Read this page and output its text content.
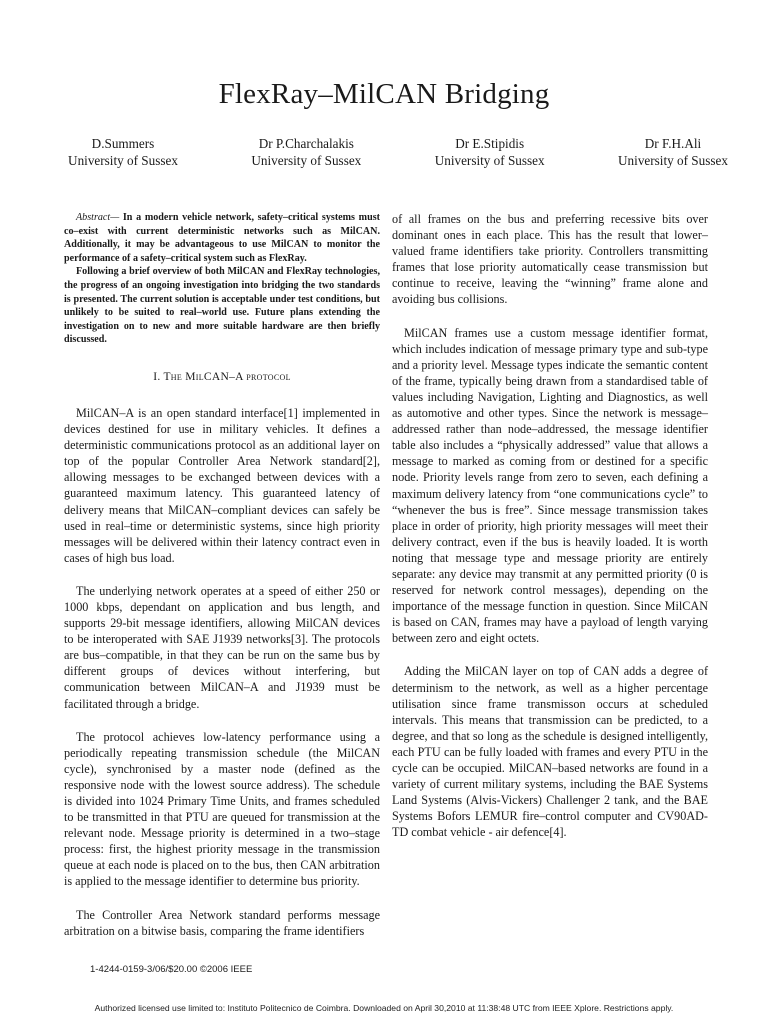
FlexRay–MilCAN Bridging
D.Summers
University of Sussex
Dr P.Charchalakis
University of Sussex
Dr E.Stipidis
University of Sussex
Dr F.H.Ali
University of Sussex

Abstract— In a modern vehicle network, safety–critical systems must co–exist with current deterministic networks such as MilCAN. Additionally, it may be advantageous to use MilCAN to monitor the performance of a safety–critical system such as FlexRay.

Following a brief overview of both MilCAN and FlexRay technologies, the progress of an ongoing investigation into bridging the two standards is presented. The current solution is acceptable under test conditions, but unlikely to be suited to real–world use. Future plans extending the investigation on to new and more suitable hardware are then briefly discussed.

I. The MilCAN–A protocol

MilCAN–A is an open standard interface[1] implemented in devices destined for use in military vehicles. It defines a deterministic communications protocol as an additional layer on top of the popular Controller Area Network standard[2], allowing messages to be exchanged between devices with a guaranteed maximum latency. This guaranteed latency of delivery means that MilCAN–compliant devices can safely be used in real–time or deterministic systems, since high priority messages will be delivered within their latency contract even in cases of high bus load.

The underlying network operates at a speed of either 250 or 1000 kbps, dependant on application and bus length, and supports 29-bit message identifiers, allowing MilCAN devices to be interoperated with SAE J1939 networks[3]. The protocols are bus–compatible, in that they can be run on the same bus by different groups of devices without interfering, but communication between MilCAN–A and J1939 must be facilitated through a bridge.

The protocol achieves low-latency performance using a periodically repeating transmission schedule (the MilCAN cycle), synchronised by a master node (defined as the responsive node with the lowest source address). The schedule is divided into 1024 Primary Time Units, and frames scheduled to be transmitted in that PTU are queued for transmission at the relevant node. Message priority is determined in a two–stage process: first, the highest priority message in the transmission queue at each node is placed on to the bus, then CAN arbitration is applied to the message identifier to determine bus priority.

The Controller Area Network standard performs message arbitration on a bitwise basis, comparing the frame identifiers

of all frames on the bus and preferring recessive bits over dominant ones in each place. This has the result that lower–valued frame identifiers take priority. Controllers transmitting frames that lose priority automatically cease transmission but continue to receive, leaving the “winning” frame alone and avoiding bus collisions.

MilCAN frames use a custom message identifier format, which includes indication of message primary type and sub-type and a priority level. Message types indicate the semantic content of the frame, typically being drawn from a standardised table of values including Navigation, Lighting and Diagnostics, as well as automotive and other types. Since the network is message–addressed rather than node–addressed, the message identifier table also includes a “physically addressed” value that allows a message to marked as coming from or destined for a specific node. Priority levels range from zero to seven, each defining a maximum delivery latency from “one communications cycle” to “whenever the bus is free”. Since message transmission takes place in order of priority, high priority messages will meet their delivery contract, even if the bus is heavily loaded. It is worth noting that message type and message priority are entirely separate: any device may transmit at any permitted priority (0 is reserved for network control messages), depending on the importance of the message function in question. Since MilCAN is based on CAN, frames may have a payload of length varying between zero and eight octets.

Adding the MilCAN layer on top of CAN adds a degree of determinism to the network, as well as a higher percentage utilisation since frame transmisson occurs at scheduled intervals. This means that transmission can be predicted, to a degree, and that so long as the schedule is designed intelligently, each PTU can be fully loaded with frames and every PTU in the cycle can be occupied. MilCAN–based networks are found in a variety of current military systems, including the BAE Systems Land Systems (Alvis-Vickers) Challenger 2 tank, and the BAE Systems Bofors LEMUR fire–control computer and CV90AD-TD combat vehicle - air defence[4].

1-4244-0159-3/06/$20.00 ©2006 IEEE
Authorized licensed use limited to: Instituto Politecnico de Coimbra. Downloaded on April 30,2010 at 11:38:48 UTC from IEEE Xplore. Restrictions apply.
